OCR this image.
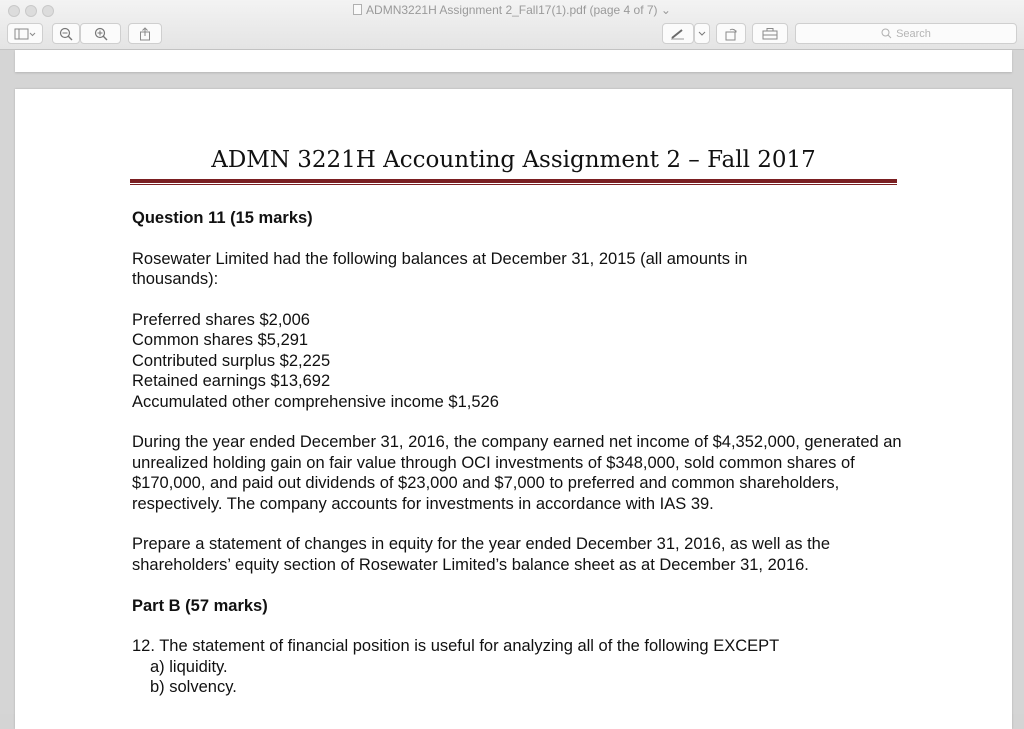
ADMN3221H Assignment 2_Fall17(1).pdf (page 4 of 7) ⌄
Search
ADMN 3221H Accounting Assignment 2 – Fall 2017

Question 11 (15 marks)

Rosewater Limited had the following balances at December 31, 2015 (all amounts in thousands):

Preferred shares $2,006
Common shares $5,291
Contributed surplus $2,225
Retained earnings $13,692
Accumulated other comprehensive income $1,526

During the year ended December 31, 2016, the company earned net income of $4,352,000, generated an unrealized holding gain on fair value through OCI investments of $348,000, sold common shares of $170,000, and paid out dividends of $23,000 and $7,000 to preferred and common shareholders, respectively. The company accounts for investments in accordance with IAS 39.

Prepare a statement of changes in equity for the year ended December 31, 2016, as well as the shareholders’ equity section of Rosewater Limited’s balance sheet as at December 31, 2016.

Part B (57 marks)

12. The statement of financial position is useful for analyzing all of the following EXCEPT
a) liquidity.
b) solvency.
